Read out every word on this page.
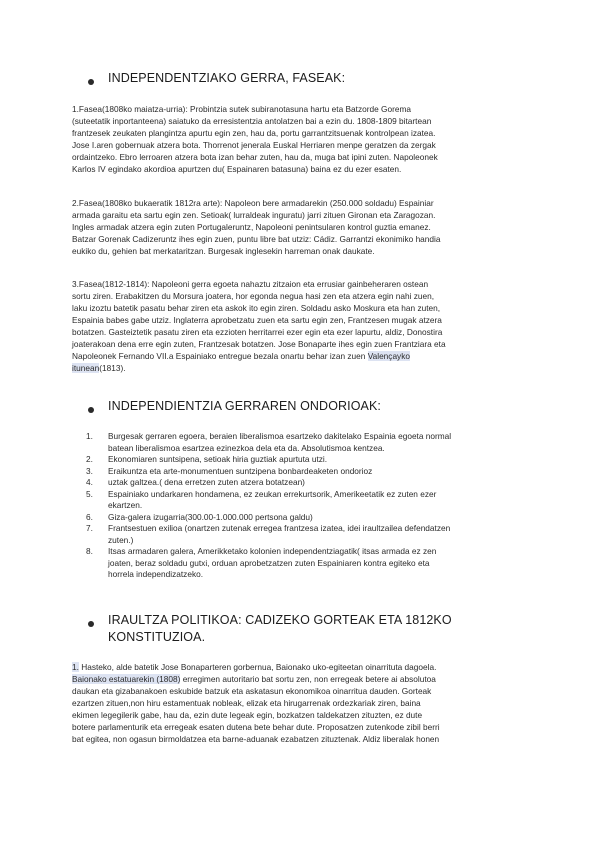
INDEPENDENTZIAKO GERRA, FASEAK:
1.Fasea(1808ko maiatza-urria): Probintzia sutek subiranotasuna hartu eta Batzorde Gorema
(suteetatik inportanteena) saiatuko da erresistentzia antolatzen bai a ezin du. 1808-1809 bitartean
frantzesek zeukaten plangintza apurtu egin zen, hau da, portu garrantzitsuenak kontrolpean izatea.
Jose I.aren gobernuak atzera bota. Thorrenot jenerala Euskal Herriaren menpe geratzen da zergak
ordaintzeko. Ebro lerroaren atzera bota izan behar zuten, hau da, muga bat ipini zuten. Napoleonek
Karlos IV egindako akordioa apurtzen du( Espainaren batasuna) baina ez du ezer esaten.
2.Fasea(1808ko bukaeratik 1812ra arte): Napoleon bere armadarekin (250.000 soldadu) Espainiar
armada garaitu eta sartu egin zen. Setioak( lurraldeak inguratu) jarri zituen Gironan eta Zaragozan.
Ingles armadak atzera egin zuten Portugaleruntz, Napoleoni penintsularen kontrol guztia emanez.
Batzar Gorenak Cadizeruntz ihes egin zuen, puntu libre bat utziz: Cádiz. Garrantzi ekonimiko handia
eukiko du, gehien bat merkataritzan. Burgesak inglesekin harreman onak daukate.
3.Fasea(1812-1814): Napoleoni gerra egoeta nahaztu zitzaion eta errusiar gainbeheraren ostean
sortu ziren. Erabakitzen du Morsura joatera, hor egonda negua hasi zen eta atzera egin nahi zuen,
laku izoztu batetik pasatu behar ziren eta askok ito egin ziren. Soldadu asko Moskura eta han zuten,
Espainia babes gabe utziz. Inglaterra aprobetzatu zuen eta sartu egin zen, Frantzesen mugak atzera
botatzen. Gasteiztetik pasatu ziren eta ezzioten herritarrei ezer egin eta ezer lapurtu, aldiz, Donostira
joaterakoan dena erre egin zuten, Frantzesak botatzen. Jose Bonaparte ihes egin zuen Frantziara eta
Napoleonek Fernando VII.a Espainiako entregue bezala onartu behar izan zuen Valençayko
itunean(1813).
INDEPENDIENTZIA GERRAREN ONDORIOAK:
1. Burgesak gerraren egoera, beraien liberalismoa esartzeko dakitelako Espainia egoeta normal
batean liberalismoa esartzea ezinezkoa dela eta da. Absolutismoa kentzea.
2. Ekonomiaren suntsipena, setioak hiria guztiak apurtuta utzi.
3. Eraikuntza eta arte-monumentuen suntzipena bonbardeaketen ondorioz
4. uztak galtzea.( dena erretzen zuten atzera botatzean)
5. Espainiako undarkaren hondamena, ez zeukan errekurtsorik, Amerikeetatik ez zuten ezer
ekartzen.
6. Giza-galera izugarria(300.00-1.000.000 pertsona galdu)
7. Frantsestuen exilioa (onartzen zutenak erregea frantzesa izatea, idei iraultzailea defendatzen
zuten.)
8. Itsas armadaren galera, Amerikketako kolonien independentziagatik( itsas armada ez zen
joaten, beraz soldadu gutxi, orduan aprobetzatzen zuten Espainiaren kontra egiteko eta
horrela independizatzeko.
IRAULTZA POLITIKOA: CADIZEKO GORTEAK ETA 1812KO
KONSTITUZIOA.
1. Hasteko, alde batetik Jose Bonaparteren gorbernua, Baionako uko-egiteetan oinarrituta dagoela.
Baionako estatuarekin (1808) erregimen autoritario bat sortu zen, non erregeak betere ai absolutoa
daukan eta gizabanakoen eskubide batzuk eta askatasun ekonomikoa oinarritua dauden. Gorteak
ezartzen zituen,non hiru estamentuak nobleak, elizak eta hirugarrenak ordezkariak ziren, baina
ekimen legegilerik gabe, hau da, ezin dute legeak egin, bozkatzen taldekatzen zituzten, ez dute
botere parlamenturik eta erregeak esaten dutena bete behar dute. Proposatzen zutenkode zibil berri
bat egitea, non ogasun birmoldatzea eta barne-aduanak ezabatzen zituztenak. Aldiz liberalak honen
